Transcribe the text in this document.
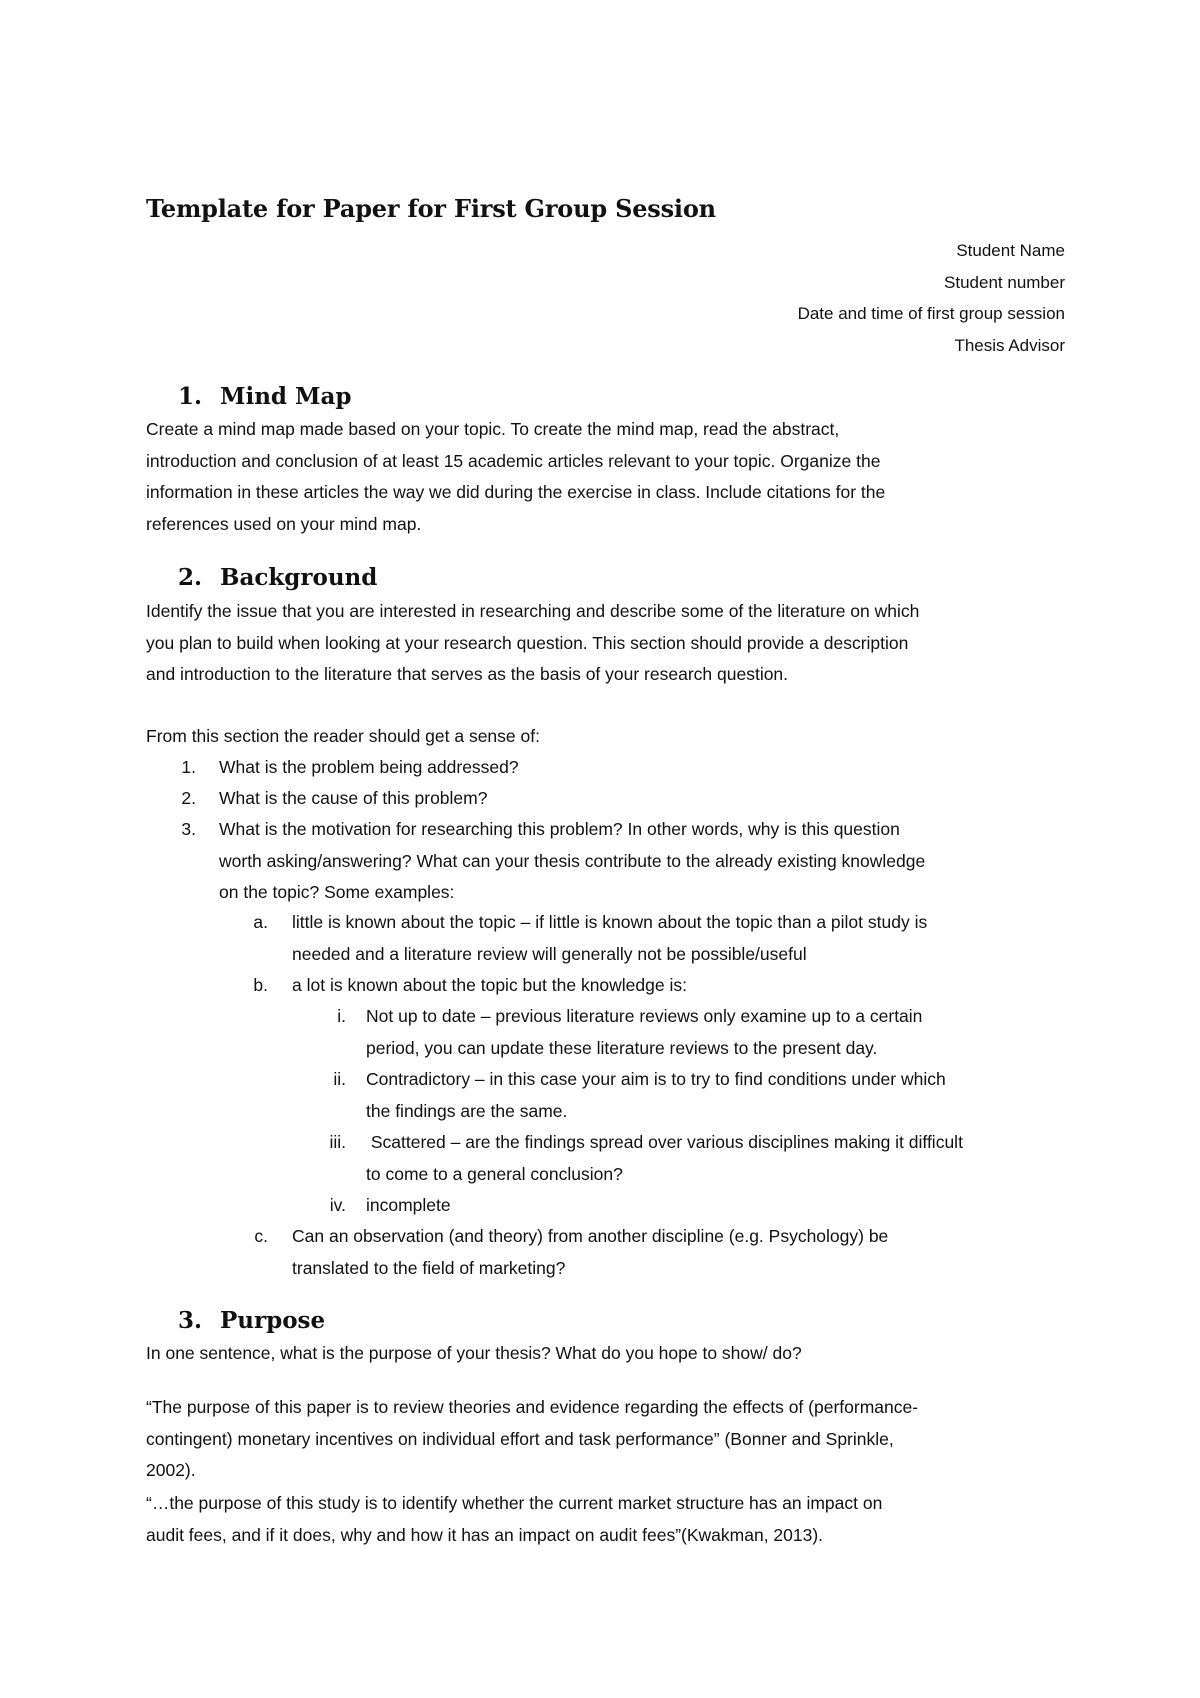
Template for Paper for First Group Session
Student Name
Student number
Date and time of first group session
Thesis Advisor
1. Mind Map
Create a mind map made based on your topic. To create the mind map, read the abstract,
introduction and conclusion of at least 15 academic articles relevant to your topic. Organize the
information in these articles the way we did during the exercise in class. Include citations for the
references used on your mind map.
2. Background
Identify the issue that you are interested in researching and describe some of the literature on which
you plan to build when looking at your research question. This section should provide a description
and introduction to the literature that serves as the basis of your research question.
From this section the reader should get a sense of:
1. What is the problem being addressed?
2. What is the cause of this problem?
3. What is the motivation for researching this problem? In other words, why is this question
worth asking/answering? What can your thesis contribute to the already existing knowledge
on the topic? Some examples:
a. little is known about the topic – if little is known about the topic than a pilot study is
needed and a literature review will generally not be possible/useful
b. a lot is known about the topic but the knowledge is:
i. Not up to date – previous literature reviews only examine up to a certain
period, you can update these literature reviews to the present day.
ii. Contradictory – in this case your aim is to try to find conditions under which
the findings are the same.
iii. Scattered – are the findings spread over various disciplines making it difficult
to come to a general conclusion?
iv. incomplete
c. Can an observation (and theory) from another discipline (e.g. Psychology) be
translated to the field of marketing?
3. Purpose
In one sentence, what is the purpose of your thesis? What do you hope to show/ do?
“The purpose of this paper is to review theories and evidence regarding the effects of (performance-
contingent) monetary incentives on individual effort and task performance” (Bonner and Sprinkle,
2002).
“…the purpose of this study is to identify whether the current market structure has an impact on
audit fees, and if it does, why and how it has an impact on audit fees”(Kwakman, 2013).
